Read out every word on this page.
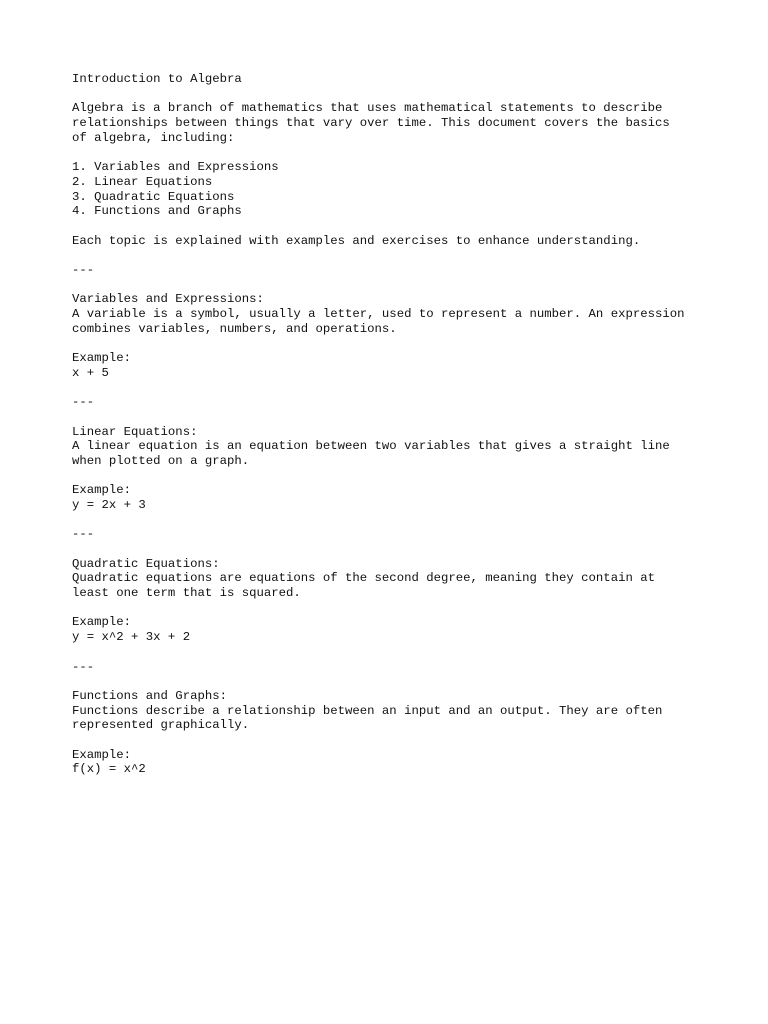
Introduction to Algebra
Algebra is a branch of mathematics that uses mathematical statements to describe
relationships between things that vary over time. This document covers the basics
of algebra, including:
1. Variables and Expressions
2. Linear Equations
3. Quadratic Equations
4. Functions and Graphs
Each topic is explained with examples and exercises to enhance understanding.
---
Variables and Expressions:
A variable is a symbol, usually a letter, used to represent a number. An expression
combines variables, numbers, and operations.
Example:
x + 5
---
Linear Equations:
A linear equation is an equation between two variables that gives a straight line
when plotted on a graph.
Example:
y = 2x + 3
---
Quadratic Equations:
Quadratic equations are equations of the second degree, meaning they contain at
least one term that is squared.
Example:
y = x^2 + 3x + 2
---
Functions and Graphs:
Functions describe a relationship between an input and an output. They are often
represented graphically.
Example:
f(x) = x^2
